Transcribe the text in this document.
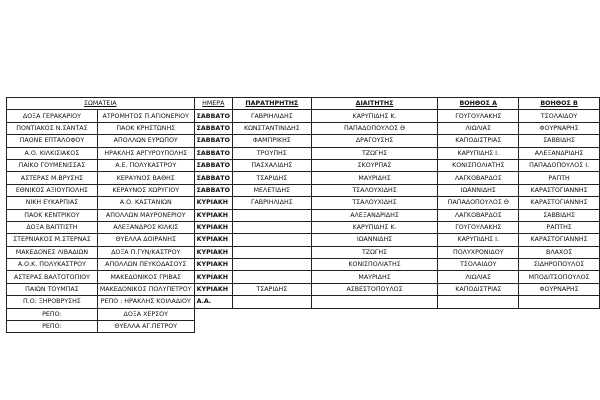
ΣΩΜΑΤΕΙΑ		ΗΜΕΡΑ	ΠΑΡΑΤΗΡΗΤΗΣ	ΔΙΑΙΤΗΤΗΣ	ΒΟΗΘΟΣ Α	ΒΟΗΘΟΣ Β
ΔΟΞΑ ΓΕΡΑΚΑΡΙΟΥ	ΑΤΡΟΜΗΤΟΣ Π.ΑΓΙΟΝΕΡΙΟΥ	ΣΑΒΒΑΤΟ	ΓΑΒΡΙΗΛΙΔΗΣ	ΚΑΡΥΠΙΔΗΣ Κ.	ΓΟΥΓΟΥΛΑΚΗΣ	ΤΣΟΛΑΙΔΟΥ
ΠΟΝΤΙΑΚΟΣ Ν.ΣΑΝΤΑΣ	ΠΑΟΚ ΚΡΗΣΤΩΝΗΣ	ΣΑΒΒΑΤΟ	ΚΩΝΣΤΑΝΤΙΝΙΔΗΣ	ΠΑΠΑΔΟΠΟΥΛΟΣ Θ	ΛΙΩΛΙΑΣ	ΦΟΥΡΝΑΡΗΣ
ΠΑΟΝΕ ΕΠΤΑΛΟΦΟΥ	ΑΠΟΛΛΩΝ ΕΥΡΩΠΟΥ	ΣΑΒΒΑΤΟ	ΦΑΜΠΡΙΚΗΣ	ΔΡΑΓΟΥΣΗΣ	ΚΑΠΟΔΙΣΤΡΙΑΣ	ΣΑΒΒΙΔΗΣ
Α.Ο. ΚΙΛΚΙΣΙΑΚΟΣ	ΗΡΑΚΛΗΣ ΑΡΓΥΡΟΥΠΟΛΗΣ	ΣΑΒΒΑΤΟ	ΤΡΟΥΠΗΣ	ΤΖΩΓΗΣ	ΚΑΡΥΠΙΔΗΣ Ι.	ΑΛΕΞΑΝΔΡΙΔΗΣ
ΠΑΙΚΟ ΓΟΥΜΕΝΙΣΣΑΣ	Α.Ε. ΠΟΛΥΚΑΣΤΡΟΥ	ΣΑΒΒΑΤΟ	ΠΑΣΧΑΛΙΔΗΣ	ΣΚΟΥΡΠΑΣ	ΚΟΝΙΣΠΟΛΙΑΤΗΣ	ΠΑΠΑΔΟΠΟΥΛΟΣ Ι.
ΑΣΤΕΡΑΣ Μ.ΒΡΥΣΗΣ	ΚΕΡΑΥΝΟΣ ΒΑΘΗΣ	ΣΑΒΒΑΤΟ	ΤΣΑΡΙΔΗΣ	ΜΑΥΡΙΔΗΣ	ΛΑΓΚΟΒΑΡΔΟΣ	ΡΑΠΤΗ
ΕΘΝΙΚΟΣ ΑΞΙΟΥΠΟΛΗΣ	ΚΕΡΑΥΝΟΣ ΧΩΡΥΓΙΟΥ	ΣΑΒΒΑΤΟ	ΜΕΛΕΤΙΔΗΣ	ΤΣΑΛΟΥΧΙΔΗΣ	ΙΩΑΝΝΙΔΗΣ	ΚΑΡΑΣΤΟΓΙΑΝΝΗΣ
ΝΙΚΗ ΕΥΚΑΡΠΙΑΣ	Α.Ο. ΚΑΣΤΑΝΙΩΝ	ΚΥΡΙΑΚΗ	ΓΑΒΡΙΗΛΙΔΗΣ	ΤΣΑΛΟΥΧΙΔΗΣ	ΠΑΠΑΔΟΠΟΥΛΟΣ Θ	ΚΑΡΑΣΤΟΓΙΑΝΝΗΣ
ΠΑΟΚ ΚΕΝΤΡΙΚΟΥ	ΑΠΟΛΛΩΝ ΜΑΥΡΟΝΕΡΙΟΥ	ΚΥΡΙΑΚΗ		ΑΛΕΞΑΝΔΡΙΔΗΣ	ΛΑΓΚΟΒΑΡΔΟΣ	ΣΑΒΒΙΔΗΣ
ΔΟΞΑ ΒΑΠΤΙΣΤΗ	ΑΛΕΞΑΝΔΡΟΣ ΚΙΛΚΙΣ	ΚΥΡΙΑΚΗ		ΚΑΡΥΠΙΔΗΣ Κ.	ΓΟΥΓΟΥΛΑΚΗΣ	ΡΑΠΤΗΣ
ΣΤΕΡΝΙΑΚΟΣ Μ.ΣΤΕΡΝΑΣ	ΘΥΕΛΛΑ ΔΟΙΡΑΝΗΣ	ΚΥΡΙΑΚΗ		ΙΩΑΝΝΙΔΗΣ	ΚΑΡΥΠΙΔΗΣ Ι.	ΚΑΡΑΣΤΟΓΙΑΝΝΗΣ
ΜΑΚΕΔΟΝΕΣ ΛΙΒΑΔΙΩΝ	ΔΟΞΑ Π.ΓΥΝ/ΚΑΣΤΡΟΥ	ΚΥΡΙΑΚΗ		ΤΖΩΓΗΣ	ΠΟΛΥΧΡΟΝΙΔΟΥ	ΒΛΑΧΟΣ
Α.Ο.Κ. ΠΟΛΥΚΑΣΤΡΟΥ	ΑΠΟΛΛΩΝ ΠΕΥΚΟΔΑΣΟΥΣ	ΚΥΡΙΑΚΗ		ΚΟΝΙΣΠΟΛΙΑΤΗΣ	ΤΣΟΛΑΙΔΟΥ	ΣΙΔΗΡΟΠΟΥΛΟΣ
ΑΣΤΕΡΑΣ ΒΑΛΤΟΤΟΠΙΟΥ	ΜΑΚΕΔΟΝΙΚΟΣ ΓΡΙΒΑΣ	ΚΥΡΙΑΚΗ		ΜΑΥΡΙΔΗΣ	ΛΙΩΛΙΑΣ	ΜΠΟΔΙΤΣΟΠΟΥΛΟΣ
ΠΑΙΩΝ ΤΟΥΜΠΑΣ	ΜΑΚΕΔΟΝΙΚΟΣ ΠΟΛΥΠΕΤΡΟΥ	ΚΥΡΙΑΚΗ	ΤΣΑΡΙΔΗΣ	ΑΣΒΕΣΤΟΠΟΥΛΟΣ	ΚΑΠΟΔΙΣΤΡΙΑΣ	ΦΟΥΡΝΑΡΗΣ
Π.Ο. ΞΗΡΟΒΡΥΣΗΣ	ΡΕΠΟ : ΗΡΑΚΛΗΣ ΚΟΙΛΑΔΙΟΥ	Α.Α.				
ΡΕΠΟ:	ΔΟΞΑ ΧΕΡΣΟΥ					
ΡΕΠΟ:	ΘΥΕΛΛΑ ΑΓ.ΠΕΤΡΟΥ					
